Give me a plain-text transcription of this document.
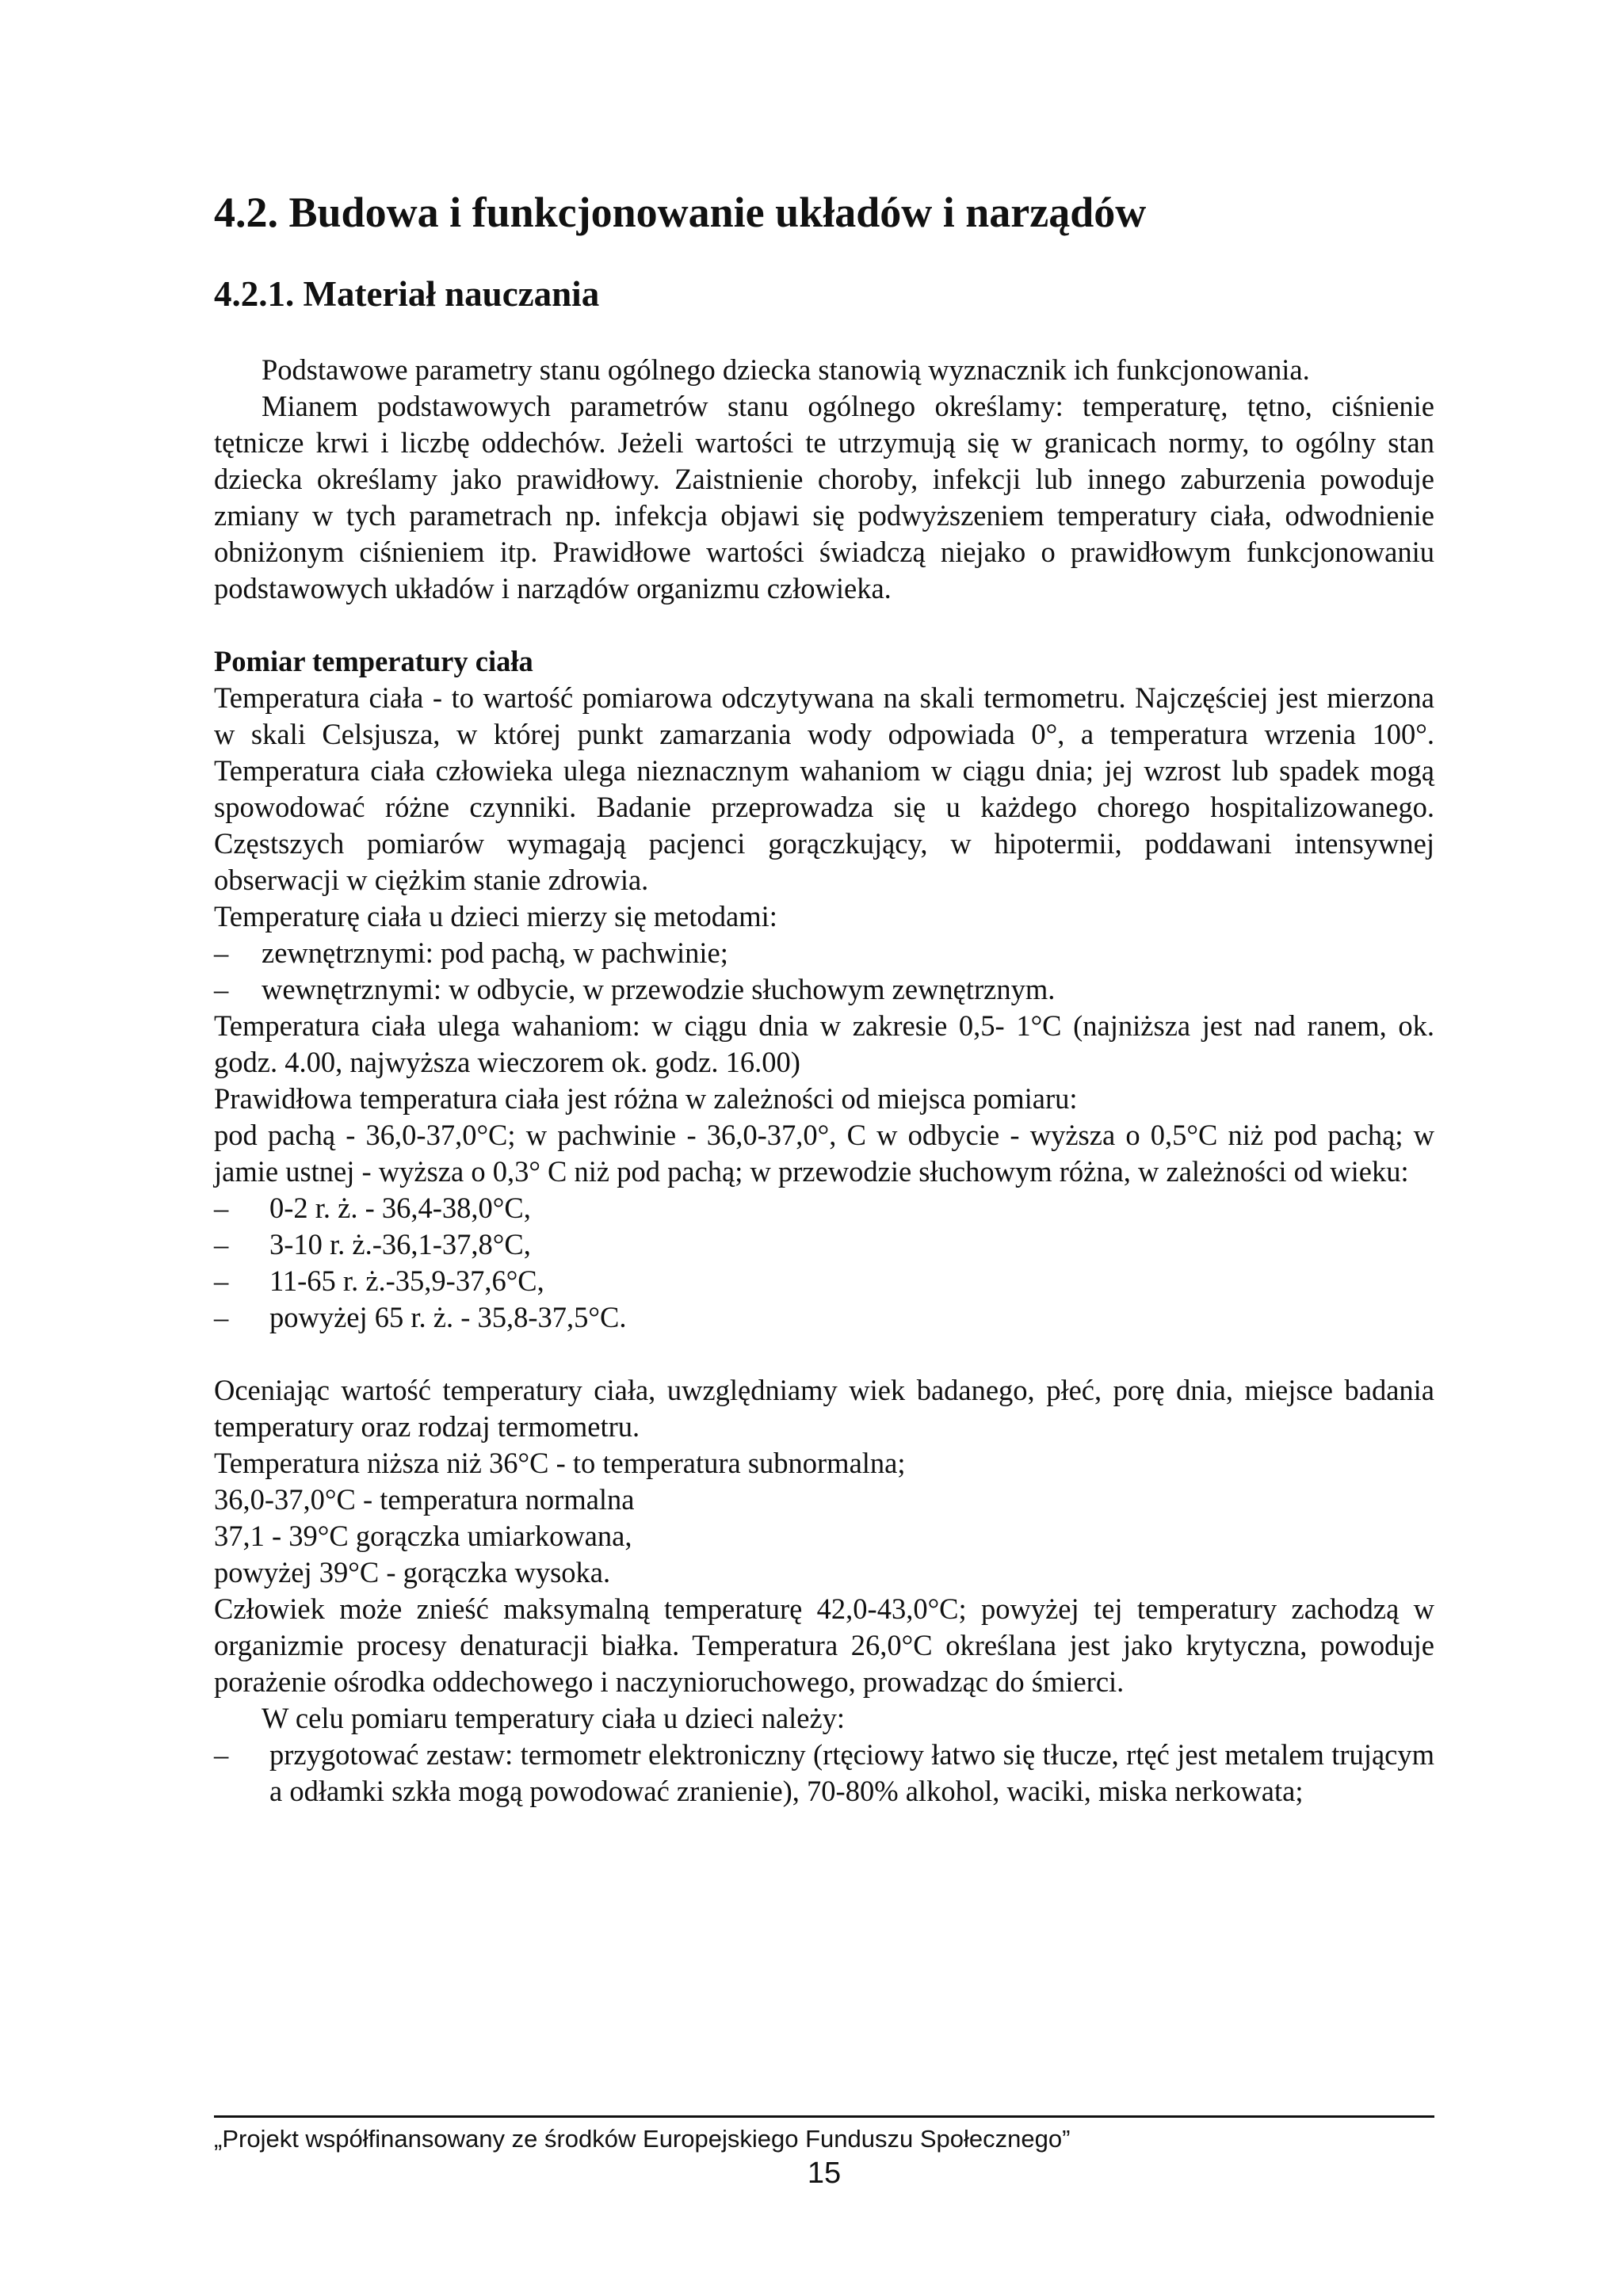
4.2. Budowa i funkcjonowanie układów i narządów
4.2.1. Materiał nauczania

Podstawowe parametry stanu ogólnego dziecka stanowią wyznacznik ich funkcjonowania.

Mianem podstawowych parametrów stanu ogólnego określamy: temperaturę, tętno, ciśnienie tętnicze krwi i liczbę oddechów. Jeżeli wartości te utrzymują się w granicach normy, to ogólny stan dziecka określamy jako prawidłowy. Zaistnienie choroby, infekcji lub innego zaburzenia powoduje zmiany w tych parametrach np. infekcja objawi się podwyższeniem temperatury ciała, odwodnienie obniżonym ciśnieniem itp. Prawidłowe wartości świadczą niejako o prawidłowym funkcjonowaniu podstawowych układów i narządów organizmu człowieka.

Pomiar temperatury ciała

Temperatura ciała - to wartość pomiarowa odczytywana na skali termometru. Najczęściej jest mierzona w skali Celsjusza, w której punkt zamarzania wody odpowiada 0°, a temperatura wrzenia 100°. Temperatura ciała człowieka ulega nieznacznym wahaniom w ciągu dnia; jej wzrost lub spadek mogą spowodować różne czynniki. Badanie przeprowadza się u każdego chorego hospitalizowanego. Częstszych pomiarów wymagają pacjenci gorączkujący, w hipotermii, poddawani intensywnej obserwacji w ciężkim stanie zdrowia.

Temperaturę ciała u dzieci mierzy się metodami:

– zewnętrznymi: pod pachą, w pachwinie;
– wewnętrznymi: w odbycie, w przewodzie słuchowym zewnętrznym.

Temperatura ciała ulega wahaniom: w ciągu dnia w zakresie 0,5- 1°C (najniższa jest nad ranem, ok. godz. 4.00, najwyższa wieczorem ok. godz. 16.00)

Prawidłowa temperatura ciała jest różna w zależności od miejsca pomiaru:

pod pachą - 36,0-37,0°C; w pachwinie - 36,0-37,0°, C w odbycie - wyższa o 0,5°C niż pod pachą; w jamie ustnej - wyższa o 0,3° C niż pod pachą; w przewodzie słuchowym różna, w zależności od wieku:

– 0-2 r. ż. - 36,4-38,0°C,
– 3-10 r. ż.-36,1-37,8°C,
– 11-65 r. ż.-35,9-37,6°C,
– powyżej 65 r. ż. - 35,8-37,5°C.

Oceniając wartość temperatury ciała, uwzględniamy wiek badanego, płeć, porę dnia, miejsce badania temperatury oraz rodzaj termometru.

Temperatura niższa niż 36°C - to temperatura subnormalna;

36,0-37,0°C - temperatura normalna

37,1 - 39°C gorączka umiarkowana,

powyżej 39°C - gorączka wysoka.

Człowiek może znieść maksymalną temperaturę 42,0-43,0°C; powyżej tej temperatury zachodzą w organizmie procesy denaturacji białka. Temperatura 26,0°C określana jest jako krytyczna, powoduje porażenie ośrodka oddechowego i naczynioruchowego, prowadząc do śmierci.

W celu pomiaru temperatury ciała u dzieci należy:

– przygotować zestaw: termometr elektroniczny (rtęciowy łatwo się tłucze, rtęć jest metalem trującym a odłamki szkła mogą powodować zranienie), 70-80% alkohol, waciki, miska nerkowata;
„Projekt współfinansowany ze środków Europejskiego Funduszu Społecznego”
15
